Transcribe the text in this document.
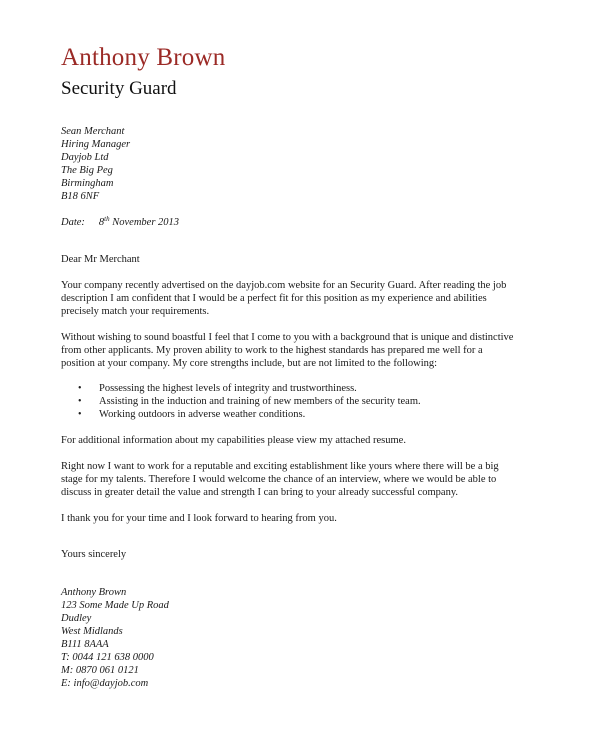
Anthony Brown
Security Guard
Sean Merchant
Hiring Manager
Dayjob Ltd
The Big Peg
Birmingham
B18 6NF
Date: 8th November 2013
Dear Mr Merchant
Your company recently advertised on the dayjob.com website for an Security Guard. After reading the job
description I am confident that I would be a perfect fit for this position as my experience and abilities
precisely match your requirements.
Without wishing to sound boastful I feel that I come to you with a background that is unique and distinctive
from other applicants. My proven ability to work to the highest standards has prepared me well for a
position at your company. My core strengths include, but are not limited to the following:
• Possessing the highest levels of integrity and trustworthiness.
• Assisting in the induction and training of new members of the security team.
• Working outdoors in adverse weather conditions.
For additional information about my capabilities please view my attached resume.
Right now I want to work for a reputable and exciting establishment like yours where there will be a big
stage for my talents. Therefore I would welcome the chance of an interview, where we would be able to
discuss in greater detail the value and strength I can bring to your already successful company.
I thank you for your time and I look forward to hearing from you.
Yours sincerely
Anthony Brown
123 Some Made Up Road
Dudley
West Midlands
B111 8AAA
T: 0044 121 638 0000
M: 0870 061 0121
E: info@dayjob.com
